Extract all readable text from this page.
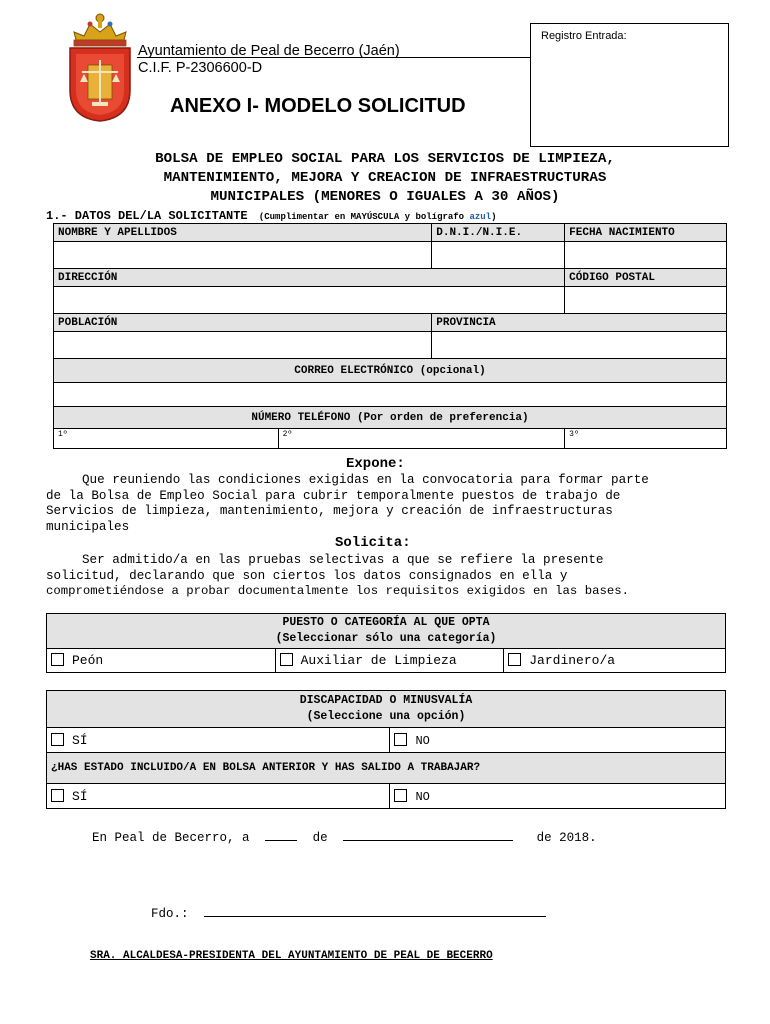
Ayuntamiento de Peal de Becerro (Jaén)
C.I.F. P-2306600-D
ANEXO I- MODELO SOLICITUD
Registro Entrada:
BOLSA DE EMPLEO SOCIAL PARA LOS SERVICIOS DE LIMPIEZA,
MANTENIMIENTO, MEJORA Y CREACION DE INFRAESTRUCTURAS
MUNICIPALES (MENORES O IGUALES A 30 AÑOS)
1.- DATOS DEL/LA SOLICITANTE (Cumplimentar en MAYÚSCULA y bolígrafo azul)
NOMBRE Y APELLIDOS		D.N.I./N.I.E.	FECHA NACIMIENTO

DIRECCIÓN			CÓDIGO POSTAL

POBLACIÓN		PROVINCIA	

CORREO ELECTRÓNICO (opcional)			

NÚMERO TELÉFONO (Por orden de preferencia)			
1º	2º		3º
Expone:

Que reuniendo las condiciones exigidas en la convocatoria para formar parte

de la Bolsa de Empleo Social para cubrir temporalmente puestos de trabajo de

Servicios de limpieza, mantenimiento, mejora y creación de infraestructuras

municipales

Solicita:

Ser admitido/a en las pruebas selectivas a que se refiere la presente

solicitud, declarando que son ciertos los datos consignados en ella y

comprometiéndose a probar documentalmente los requisitos exigidos en las bases.

PUESTO O CATEGORÍA AL QUE OPTA
(Seleccionar sólo una categoría)

Peón	Auxiliar de Limpieza	Jardinero/a
DISCAPACIDAD O MINUSVALÍA
(Seleccione una opción)	

SÍ	NO
¿HAS ESTADO INCLUIDO/A EN BOLSA ANTERIOR Y HAS SALIDO A TRABAJAR?	
SÍ	NO
En Peal de Becerro, a	de	de 2018.
Fdo.:
SRA. ALCALDESA-PRESIDENTA DEL AYUNTAMIENTO DE PEAL DE BECERRO
